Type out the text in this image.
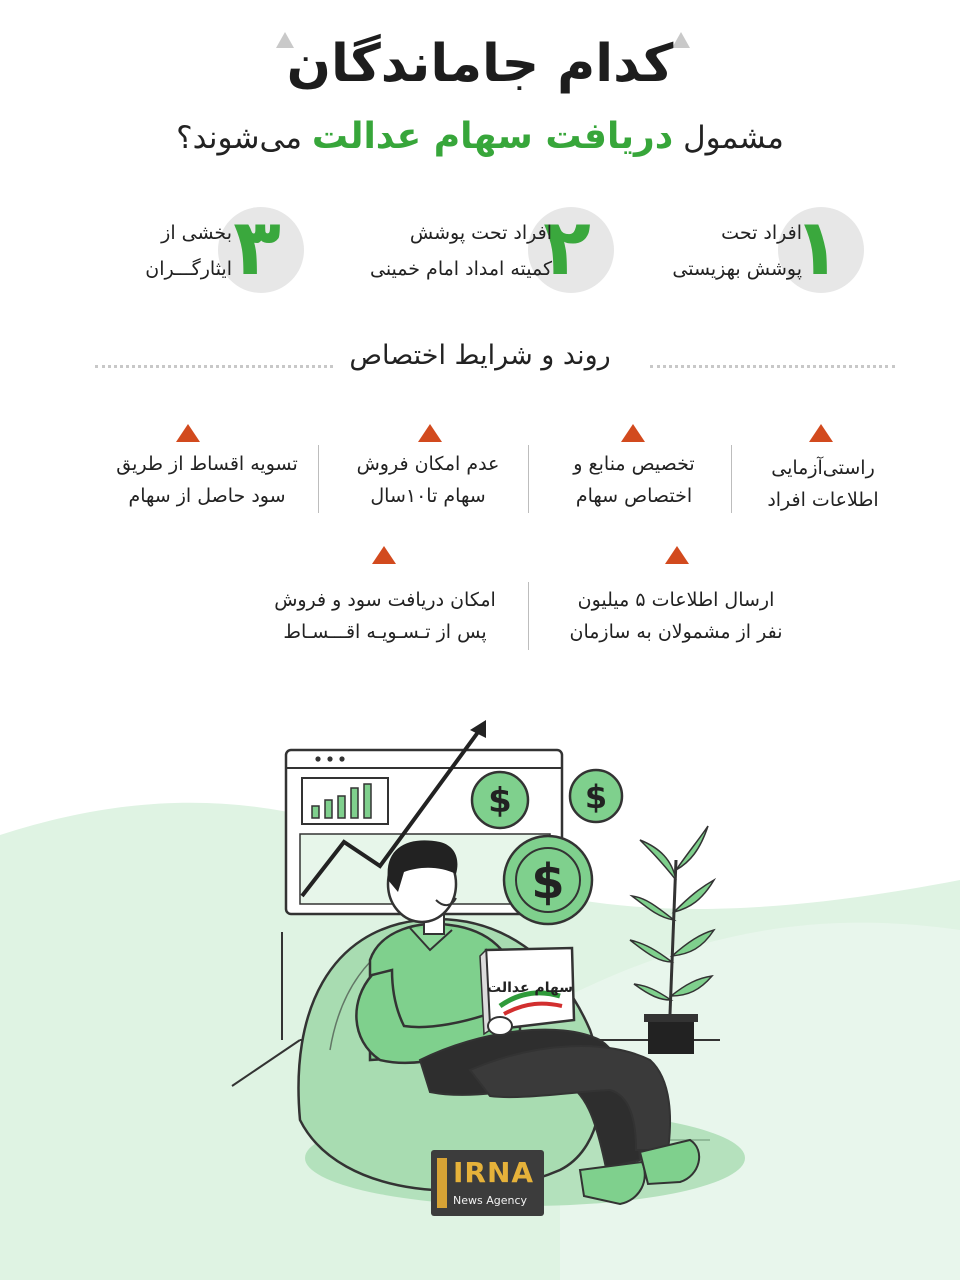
کدام جاماندگان
مشمول دریافت سهام عدالت می‌شوند؟
۱
افراد تحت
پوشش بهزیستی
۲
افراد تحت پوشش
کمیته امداد امام خمینی
۳
بخشی از
ایثارگـــران
روند و شرایط اختصاص
راستی‌آزمایی
اطلاعات افراد
تخصیص منابع و
اختصاص سهام
عدم امکان فروش
سهام تا۱۰سال
تسویه اقساط از طریق
سود حاصل از سهام
ارسال اطلاعات ۵ میلیون
نفر از مشمولان به سازمان
امکان دریافت سود و فروش
پس از تـسـویـه اقـــسـاط
$ $
$
سهام عدالت
IRNA
News Agency
